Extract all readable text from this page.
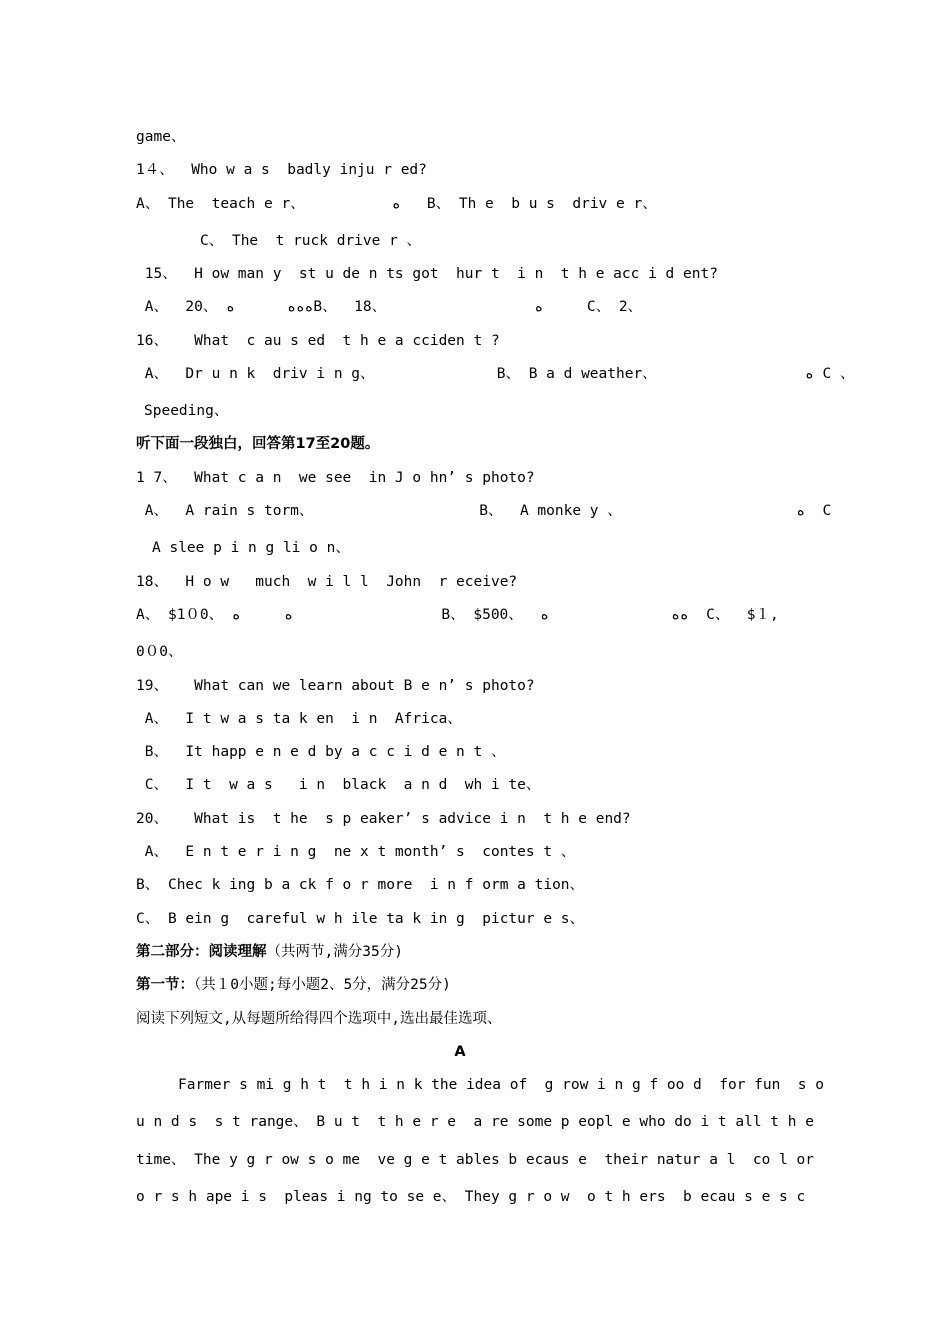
game、
1４、  Who w a s  badly inju r ed?
A、 The  teach e r、          ﻩ   B、 Th e  b u s  driv e r、
C、 The  t ruck drive r 、
15、  H ow man y  st u de n ts got  hur t  i n  t h e acc i d ent?
A、  20、 ﻩﻩﻩ      ﻩB、  18、                 ﻩ     C、 2、
16、   What  c au s ed  t h e a cciden t ?
A、  Dr u n k  driv i n g、              B、 B a d weather、                 ﻩ C 、
Speeding、
听下面一段独白，回答第17至20题。
1 7、  What c a n  we see  in J o hn’ s photo?
A、  A rain s torm、                   B、  A monke y 、                    ﻩ  C
A slee p i n g li o n、
18、  H o w   much  w i l l  John  r eceive?
A、 $1０0、 ﻩ     ﻩ                 B、 $500、  ﻩﻩ              ﻩ  C、  $１,
0０0、
19、   What can we learn about B e n’ s photo?
A、  I t w a s ta k en  i n  Africa、
B、  It happ e n e d by a c c i d e n t 、
C、  I t  w a s   i n  black  a n d  wh i te、
20、   What is  t he  s p eaker’ s advice i n  t h e end?
A、  E n t e r i n g  ne x t month’ s  contes t 、
B、 Chec k ing b a ck f o r more  i n f orm a tion、
C、 B ein g  careful w h ile ta k in g  pictur e s、
第二部分：阅读理解（共两节,满分35分)
第一节：（共１0小题;每小题2、5分，满分25分)
阅读下列短文,从每题所给得四个选项中,选出最佳选项、
A
Farmer s mi g h t  t h i n k the idea of  g row i n g f oo d  for fun  s o
u n d s  s t range、 B u t  t h e r e  a re some p eopl e who do i t all t h e
time、 The y g r ow s o me  ve g e t ables b ecaus e  their natur a l  co l or
o r s h ape i s  pleas i ng to se e、 They g r o w  o t h ers  b ecau s e s c
